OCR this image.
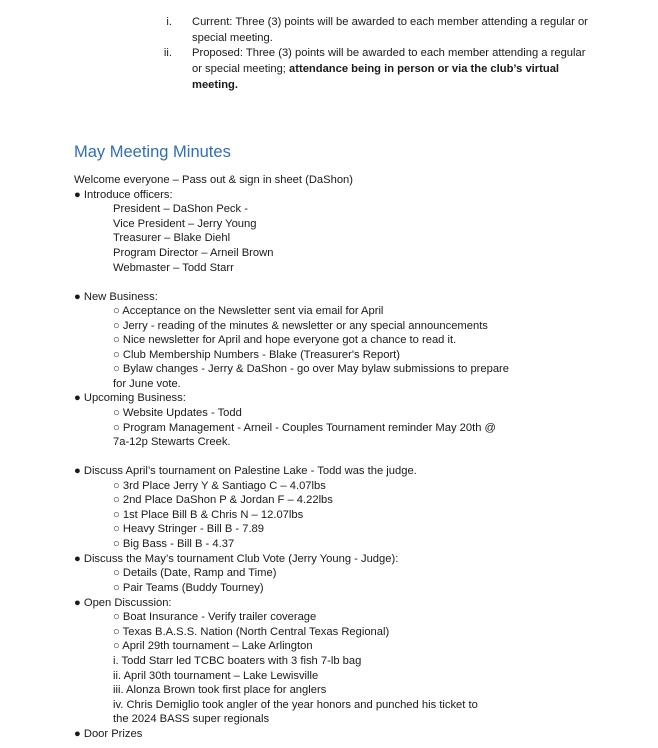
i. Current: Three (3) points will be awarded to each member attending a regular or
special meeting.
ii. Proposed: Three (3) points will be awarded to each member attending a regular
or special meeting; attendance being in person or via the club’s virtual
meeting.
May Meeting Minutes
Welcome everyone – Pass out & sign in sheet (DaShon)
● Introduce officers:
President – DaShon Peck -
Vice President – Jerry Young
Treasurer – Blake Diehl
Program Director – Arneil Brown
Webmaster – Todd Starr
● New Business:
○ Acceptance on the Newsletter sent via email for April
○ Jerry - reading of the minutes & newsletter or any special announcements
○ Nice newsletter for April and hope everyone got a chance to read it.
○ Club Membership Numbers - Blake (Treasurer's Report)
○ Bylaw changes - Jerry & DaShon - go over May bylaw submissions to prepare
for June vote.
● Upcoming Business:
○ Website Updates - Todd
○ Program Management - Arneil - Couples Tournament reminder May 20th @
7a-12p Stewarts Creek.
● Discuss April’s tournament on Palestine Lake - Todd was the judge.
○ 3rd Place Jerry Y & Santiago C – 4.07lbs
○ 2nd Place DaShon P & Jordan F – 4.22lbs
○ 1st Place Bill B & Chris N – 12.07lbs
○ Heavy Stringer - Bill B - 7.89
○ Big Bass - Bill B - 4.37
● Discuss the May’s tournament Club Vote (Jerry Young - Judge):
○ Details (Date, Ramp and Time)
○ Pair Teams (Buddy Tourney)
● Open Discussion:
○ Boat Insurance - Verify trailer coverage
○ Texas B.A.S.S. Nation (North Central Texas Regional)
○ April 29th tournament – Lake Arlington
i. Todd Starr led TCBC boaters with 3 fish 7-lb bag
ii. April 30th tournament – Lake Lewisville
iii. Alonza Brown took first place for anglers
iv. Chris Demiglio took angler of the year honors and punched his ticket to
the 2024 BASS super regionals
● Door Prizes
